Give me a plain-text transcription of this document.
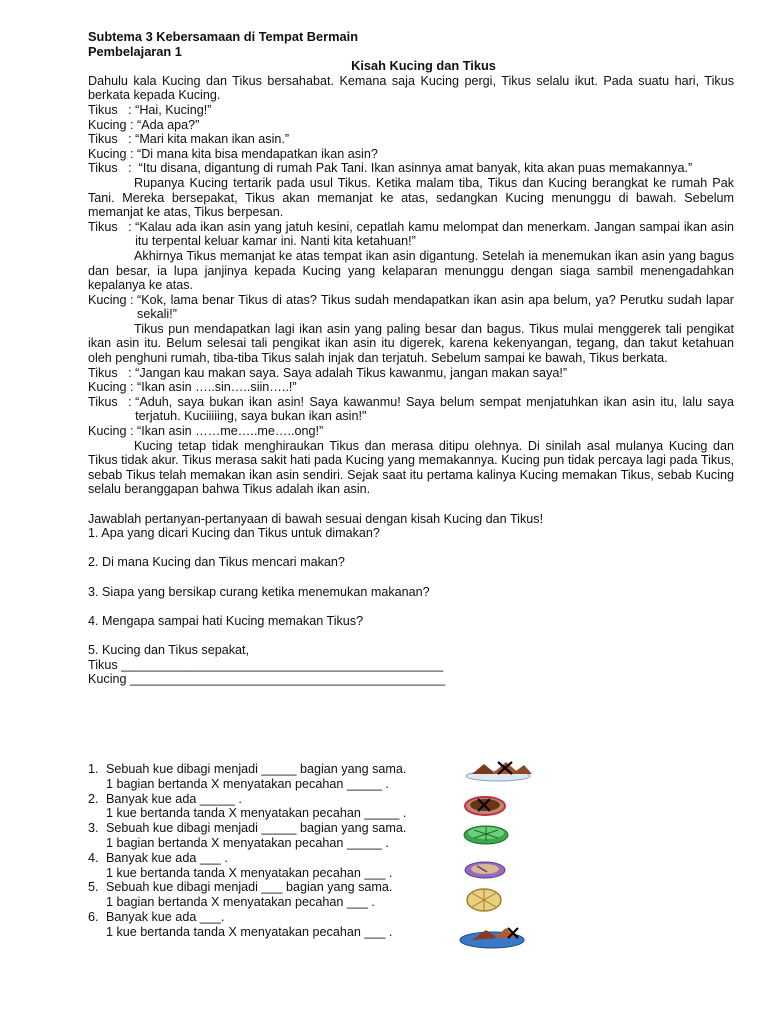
Subtema 3 Kebersamaan di Tempat Bermain

Pembelajaran 1

Kisah Kucing dan Tikus

Dahulu kala Kucing dan Tikus bersahabat. Kemana saja Kucing pergi, Tikus selalu ikut. Pada suatu hari, Tikus berkata kepada Kucing.

Tikus   : “Hai, Kucing!”
Kucing : “Ada apa?”
Tikus   : “Mari kita makan ikan asin.”
Kucing : “Di mana kita bisa mendapatkan ikan asin?
Tikus   : “Itu disana, digantung di rumah Pak Tani. Ikan asinnya amat banyak, kita akan puas memakannya.”

Rupanya Kucing tertarik pada usul Tikus. Ketika malam tiba, Tikus dan Kucing berangkat ke rumah Pak Tani. Mereka bersepakat, Tikus akan memanjat ke atas, sedangkan Kucing menunggu di bawah. Sebelum memanjat ke atas, Tikus berpesan.

Tikus   : “Kalau ada ikan asin yang jatuh kesini, cepatlah kamu melompat dan menerkam. Jangan sampai ikan asin itu terpental keluar kamar ini. Nanti kita ketahuan!”

Akhirnya Tikus memanjat ke atas tempat ikan asin digantung. Setelah ia menemukan ikan asin yang bagus dan besar, ia lupa janjinya kepada Kucing yang kelaparan menunggu dengan siaga sambil menengadahkan kepalanya ke atas.

Kucing : “Kok, lama benar Tikus di atas? Tikus sudah mendapatkan ikan asin apa belum, ya? Perutku sudah lapar sekali!”

Tikus pun mendapatkan lagi ikan asin yang paling besar dan bagus. Tikus mulai menggerek tali pengikat ikan asin itu. Belum selesai tali pengikat ikan asin itu digerek, karena kekenyangan, tegang, dan takut ketahuan oleh penghuni rumah, tiba-tiba Tikus salah injak dan terjatuh. Sebelum sampai ke bawah, Tikus berkata.

Tikus   : “Jangan kau makan saya. Saya adalah Tikus kawanmu, jangan makan saya!”
Kucing : “Ikan asin …..sin…..siin…..!”
Tikus   : “Aduh, saya bukan ikan asin! Saya kawanmu! Saya belum sempat menjatuhkan ikan asin itu, lalu saya terjatuh. Kuciiiiing, saya bukan ikan asin!"
Kucing : “Ikan asin ……me…..me…..ong!”

Kucing tetap tidak menghiraukan Tikus dan merasa ditipu olehnya. Di sinilah asal mulanya Kucing dan Tikus tidak akur. Tikus merasa sakit hati pada Kucing yang memakannya. Kucing pun tidak percaya lagi pada Tikus, sebab Tikus telah memakan ikan asin sendiri. Sejak saat itu pertama kalinya Kucing memakan Tikus, sebab Kucing selalu beranggapan bahwa Tikus adalah ikan asin.

Jawablah pertanyan-pertanyaan di bawah sesuai dengan kisah Kucing dan Tikus!

1. Apa yang dicari Kucing dan Tikus untuk dimakan?

2. Di mana Kucing dan Tikus mencari makan?

3. Siapa yang bersikap curang ketika menemukan makanan?

4. Mengapa sampai hati Kucing memakan Tikus?

5. Kucing dan Tikus sepakat,

Tikus ______________________________________________

Kucing _____________________________________________

1. Sebuah kue dibagi menjadi _____ bagian yang sama.
1 bagian bertanda X menyatakan pecahan _____ .
2. Banyak kue ada _____ .
1 kue bertanda tanda X menyatakan pecahan _____ .
3. Sebuah kue dibagi menjadi _____ bagian yang sama.
1 bagian bertanda X menyatakan pecahan _____ .
4. Banyak kue ada ___ .
1 kue bertanda tanda X menyatakan pecahan ___ .
5. Sebuah kue dibagi menjadi ___ bagian yang sama.
1 bagian bertanda X menyatakan pecahan ___ .
6. Banyak kue ada ___.
1 kue bertanda tanda X menyatakan pecahan ___ .
